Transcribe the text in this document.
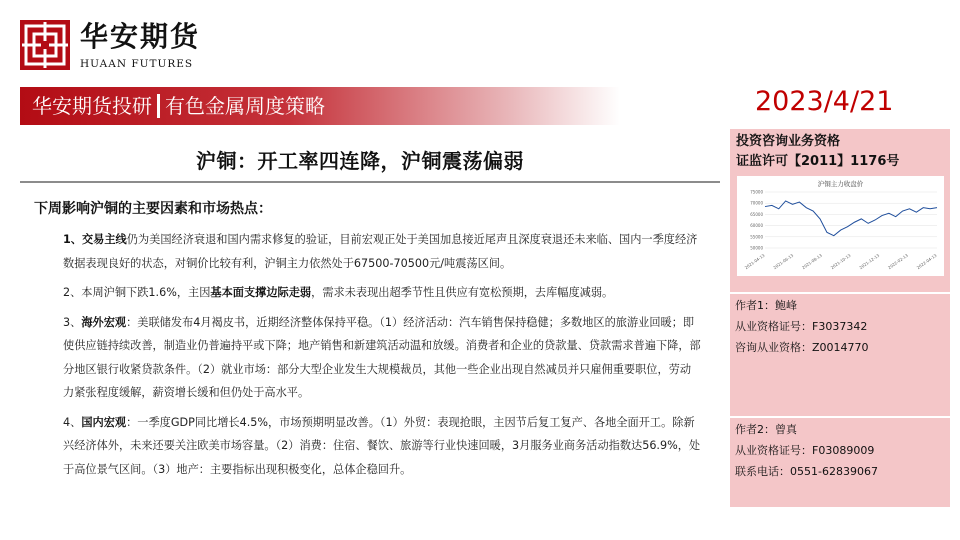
华安期货
HUAAN FUTURES
华安期货投研 有色金属周度策略	2023/4/21
沪铜：开工率四连降，沪铜震荡偏弱
下周影响沪铜的主要因素和市场热点：

1、交易主线仍为美国经济衰退和国内需求修复的验证，目前宏观正处于美国加息接近尾声且深度衰退还未来临、国内一季度经济数据表现良好的状态，对铜价比较有利，沪铜主力依然处于67500-70500元/吨震荡区间。

2、本周沪铜下跌1.6%，主因基本面支撑边际走弱，需求未表现出超季节性且供应有宽松预期，去库幅度减弱。

3、海外宏观：美联储发布4月褐皮书，近期经济整体保持平稳。（1）经济活动：汽车销售保持稳健；多数地区的旅游业回暖；即使供应链持续改善，制造业仍普遍持平或下降；地产销售和新建筑活动温和放缓。消费者和企业的贷款量、贷款需求普遍下降，部分地区银行收紧贷款条件。（2）就业市场：部分大型企业发生大规模裁员，其他一些企业出现自然减员并只雇佣重要职位，劳动力紧张程度缓解，薪资增长缓和但仍处于高水平。

4、国内宏观：一季度GDP同比增长4.5%，市场预期明显改善。（1）外贸：表现抢眼，主因节后复工复产、各地全面开工。除新兴经济体外，未来还要关注欧美市场容量。（2）消费：住宿、餐饮、旅游等行业快速回暖，3月服务业商务活动指数达56.9%，处于高位景气区间。（3）地产：主要指标出现积极变化，总体企稳回升。

投资咨询业务资格
证监许可【2011】1176号
沪铜主力收盘价
75000
70000
65000
60000
55000
50000
2021-04-13 2021-06-13 2021-08-13 2021-10-13 2021-12-13 2022-02-13 2022-04-13
作者1：鲍峰
从业资格证号：F3037342
咨询从业资格：Z0014770
作者2：曾真
从业资格证号：F03089009
联系电话：0551-62839067
